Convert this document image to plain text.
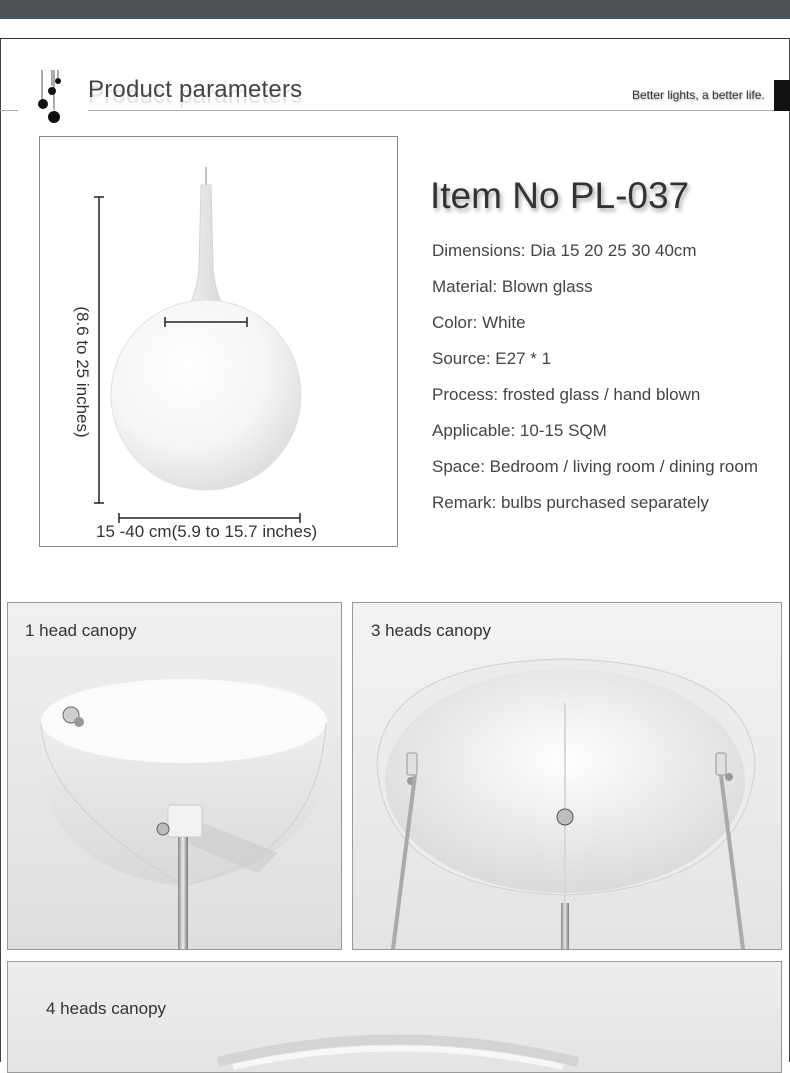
Product parameters	Better lights, a better life.
(8.6 to 25 inches)
15 -40 cm(5.9 to 15.7 inches)
Item No PL-037
Dimensions: Dia 15 20 25 30 40cm
Material: Blown glass
Color: White
Source: E27 * 1
Process: frosted glass / hand blown
Applicable: 10-15 SQM
Space: Bedroom / living room / dining room
Remark: bulbs purchased separately
1 head canopy	3 heads canopy
4 heads canopy
